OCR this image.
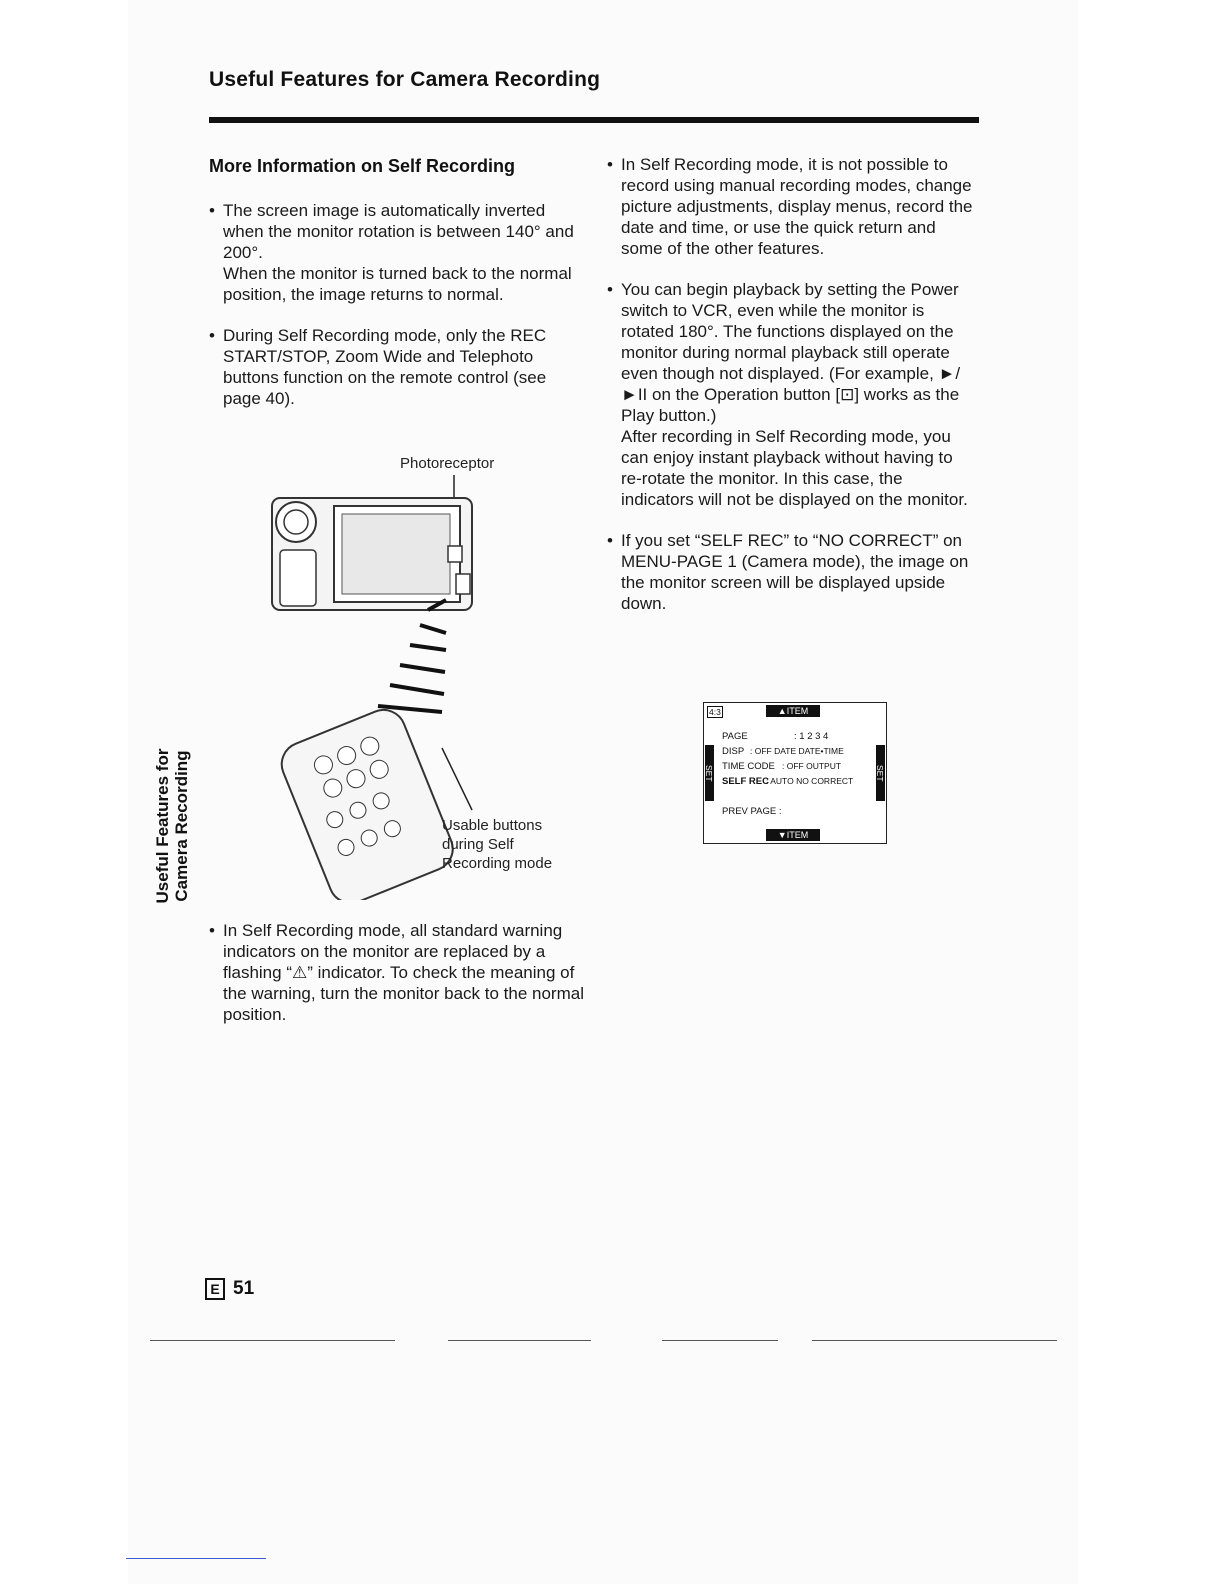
Useful Features for Camera Recording
More Information on Self Recording

• The screen image is automatically inverted when the monitor rotation is between 140° and 200°.

When the monitor is turned back to the normal position, the image returns to normal.

• During Self Recording mode, only the REC START/STOP, Zoom Wide and Telephoto buttons function on the remote control (see page 40).

Photoreceptor
Usable buttons during Self Recording mode

• In Self Recording mode, all standard warning indicators on the monitor are replaced by a flashing “⚠” indicator. To check the meaning of the warning, turn the monitor back to the normal position.

• In Self Recording mode, it is not possible to record using manual recording modes, change picture adjustments, display menus, record the date and time, or use the quick return and some of the other features.

• You can begin playback by setting the Power switch to VCR, even while the monitor is rotated 180°. The functions displayed on the monitor during normal playback still operate even though not displayed. (For example, ►/►II on the Operation button [⊡] works as the Play button.)

After recording in Self Recording mode, you can enjoy instant playback without having to re-rotate the monitor. In this case, the indicators will not be displayed on the monitor.

• If you set “SELF REC” to “NO CORRECT” on MENU-PAGE 1 (Camera mode), the image on the monitor screen will be displayed upside down.

4:3	▲ITEM
PAGE	: 1 2 3 4
DISP : OFF DATE DATE•TIME
TIME CODE : OFF OUTPUT
SELF REC
: AUTO NO CORRECT
PREV PAGE :
▼ITEM
SET	SET
Useful Features for Camera Recording
E 51
